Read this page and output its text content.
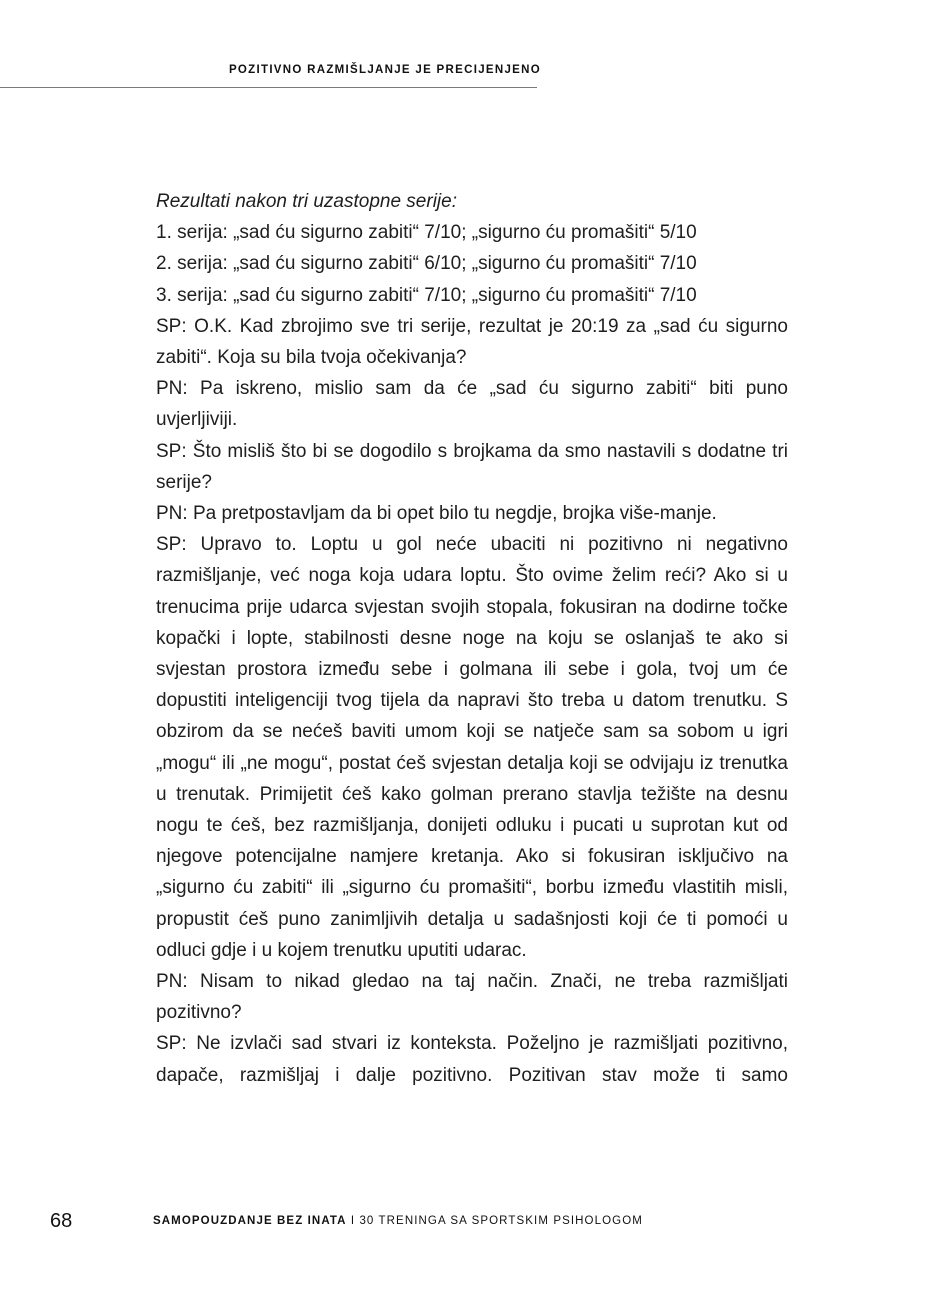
POZITIVNO RAZMIŠLJANJE JE PRECIJENJENO

Rezultati nakon tri uzastopne serije:

1. serija: „sad ću sigurno zabiti“ 7/10; „sigurno ću promašiti“ 5/10

2. serija: „sad ću sigurno zabiti“ 6/10; „sigurno ću promašiti“ 7/10

3. serija: „sad ću sigurno zabiti“ 7/10; „sigurno ću promašiti“ 7/10

SP: O.K. Kad zbrojimo sve tri serije, rezultat je 20:19 za „sad ću sigurno zabiti“. Koja su bila tvoja očekivanja?

PN: Pa iskreno, mislio sam da će „sad ću sigurno zabiti“ biti puno uvjerljiviji.

SP: Što misliš što bi se dogodilo s brojkama da smo nastavili s dodatne tri serije?

PN: Pa pretpostavljam da bi opet bilo tu negdje, brojka više-manje.

SP: Upravo to. Loptu u gol neće ubaciti ni pozitivno ni negativno razmišljanje, već noga koja udara loptu. Što ovime želim reći? Ako si u trenucima prije udarca svjestan svojih stopala, fokusiran na dodirne točke kopački i lopte, stabilnosti desne noge na koju se oslanjaš te ako si svjestan prostora između sebe i golmana ili sebe i gola, tvoj um će dopustiti inteligenciji tvog tijela da napravi što treba u datom trenutku. S obzirom da se nećeš baviti umom koji se natječe sam sa sobom u igri „mogu“ ili „ne mogu“, postat ćeš svjestan detalja koji se odvijaju iz trenutka u trenutak. Primijetit ćeš kako golman prerano stavlja težište na desnu nogu te ćeš, bez razmišljanja, donijeti odluku i pucati u suprotan kut od njegove potencijalne namjere kretanja. Ako si fokusiran isključivo na „sigurno ću zabiti“ ili „sigurno ću promašiti“, borbu između vlastitih misli, propustit ćeš puno zanimljivih detalja u sadašnjosti koji će ti pomoći u odluci gdje i u kojem trenutku uputiti udarac.

PN: Nisam to nikad gledao na taj način. Znači, ne treba razmišljati pozitivno?

SP: Ne izvlači sad stvari iz konteksta. Poželjno je razmišljati pozitivno, dapače, razmišljaj i dalje pozitivno. Pozitivan stav može ti samo

68	SAMOPOUZDANJE BEZ INATA I 30 TRENINGA SA SPORTSKIM PSIHOLOGOM
